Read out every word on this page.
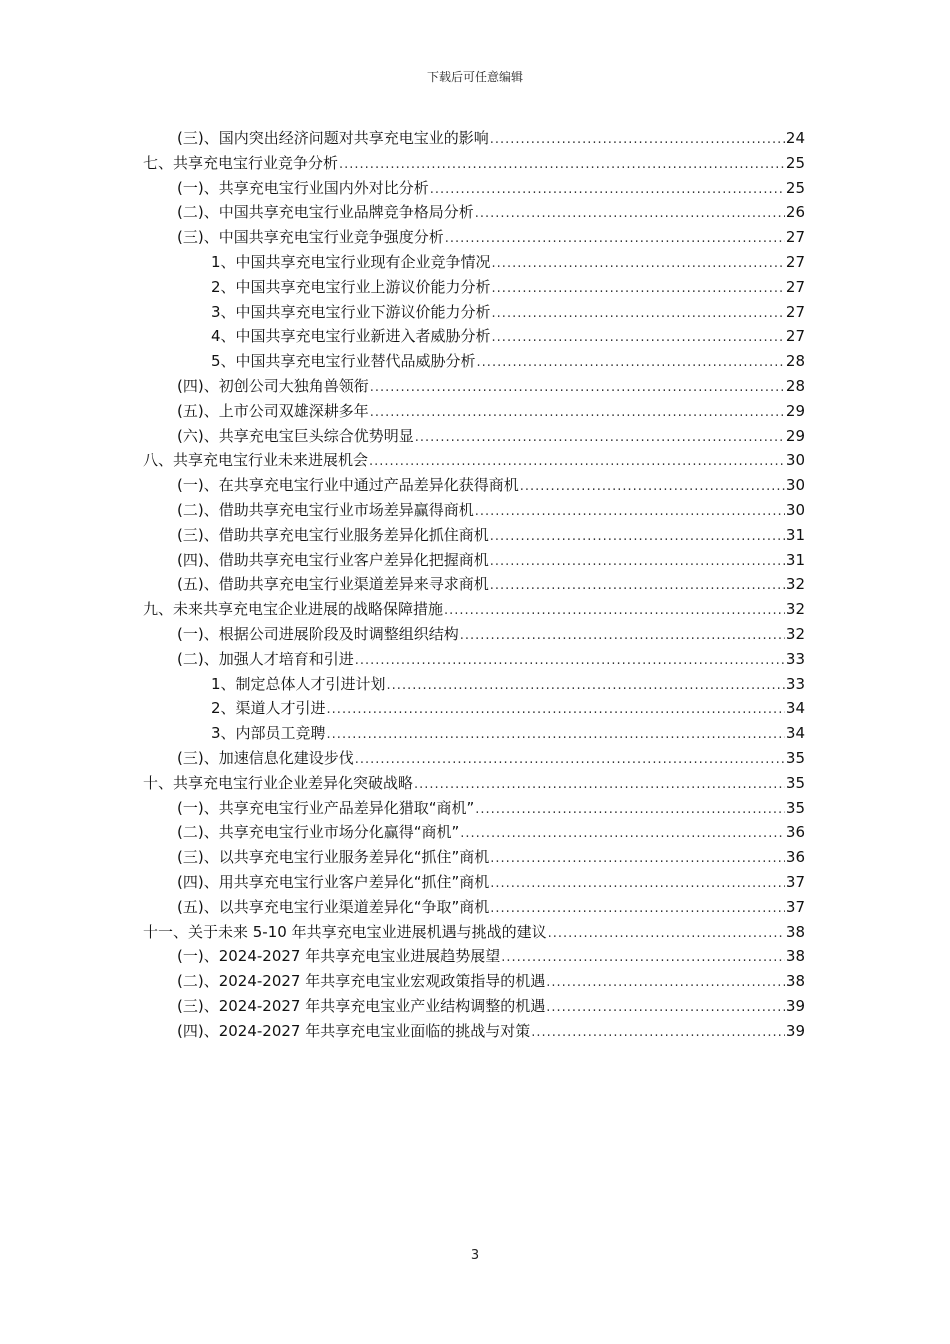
下载后可任意编辑
(三)、国内突出经济问题对共享充电宝业的影响 .....	24
七、共享充电宝行业竞争分析 .....	25
(一)、共享充电宝行业国内外对比分析 .....	25
(二)、中国共享充电宝行业品牌竞争格局分析 .....	26
(三)、中国共享充电宝行业竞争强度分析 .....	27
1、中国共享充电宝行业现有企业竞争情况 .....	27
2、中国共享充电宝行业上游议价能力分析 .....	27
3、中国共享充电宝行业下游议价能力分析 .....	27
4、中国共享充电宝行业新进入者威胁分析 .....	27
5、中国共享充电宝行业替代品威胁分析 .....	28
(四)、初创公司大独角兽领衔 .....	28
(五)、上市公司双雄深耕多年 .....	29
(六)、共享充电宝巨头综合优势明显 .....	29
八、共享充电宝行业未来进展机会 .....	30
(一)、在共享充电宝行业中通过产品差异化获得商机 .....	30
(二)、借助共享充电宝行业市场差异赢得商机 .....	30
(三)、借助共享充电宝行业服务差异化抓住商机 .....	31
(四)、借助共享充电宝行业客户差异化把握商机 .....	31
(五)、借助共享充电宝行业渠道差异来寻求商机 .....	32
九、未来共享充电宝企业进展的战略保障措施 .....	32
(一)、根据公司进展阶段及时调整组织结构 .....	32
(二)、加强人才培育和引进 .....	33
1、制定总体人才引进计划 .....	33
2、渠道人才引进 .....	34
3、内部员工竞聘 .....	34
(三)、加速信息化建设步伐 .....	35
十、共享充电宝行业企业差异化突破战略 .....	35
(一)、共享充电宝行业产品差异化猎取“商机” .....	35
(二)、共享充电宝行业市场分化赢得“商机” .....	36
(三)、以共享充电宝行业服务差异化“抓住”商机 .....	36
(四)、用共享充电宝行业客户差异化“抓住”商机 .....	37
(五)、以共享充电宝行业渠道差异化“争取”商机 .....	37
十一、关于未来 5-10 年共享充电宝业进展机遇与挑战的建议 .....	38
(一)、2024-2027 年共享充电宝业进展趋势展望 .....	38
(二)、2024-2027 年共享充电宝业宏观政策指导的机遇 .....	38
(三)、2024-2027 年共享充电宝业产业结构调整的机遇 .....	39
(四)、2024-2027 年共享充电宝业面临的挑战与对策 .....	39
3
